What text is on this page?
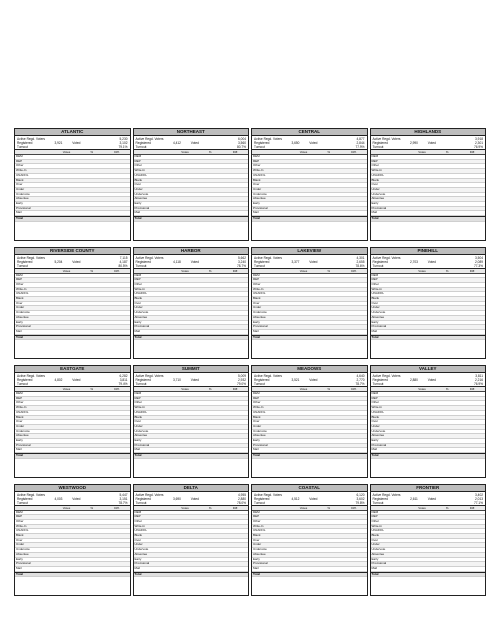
ATLANTIC
Active Regd. Voters	5,230
Registered	3,921	Voted	3,102
Turnout	79.1%
Votes	%	Diff.
DEM
REP
Other
Write-In
UNAFFIL
Blank
Over
Under
Undervote
Absentee
Early
Provisional
Mail
Total
NORTHEAST
Active Regd. Voters	6,004
Registered	4,412	Voted	3,560
Turnout	80.7%
Votes	%	Diff.
DEM
REP
Other
Write-In
UNAFFIL
Blank
Over
Under
Undervote
Absentee
Early
Provisional
Mail
Total
CENTRAL
Active Regd. Voters	4,877
Registered	3,650	Voted	2,844
Turnout	77.9%
Votes	%	Diff.
DEM
REP
Other
Write-In
UNAFFIL
Blank
Over
Under
Undervote
Absentee
Early
Provisional
Mail
Total
HIGHLANDS
Active Regd. Voters	3,918
Registered	2,990	Voted	2,301
Turnout	76.9%
Votes	%	Diff.
DEM
REP
Other
Write-In
UNAFFIL
Blank
Over
Under
Undervote
Absentee
Early
Provisional
Mail
Total
RIVERSIDE COUNTY
Active Regd. Voters	7,115
Registered	5,204	Voted	4,187
Turnout	80.5%
Votes	%	Diff.
DEM
REP
Other
Write-In
UNAFFIL
Blank
Over
Under
Undervote
Absentee
Early
Provisional
Mail
Total
HARBOR
Active Regd. Voters	5,662
Registered	4,118	Voted	3,240
Turnout	78.7%
Votes	%	Diff.
DEM
REP
Other
Write-In
UNAFFIL
Blank
Over
Under
Undervote
Absentee
Early
Provisional
Mail
Total
LAKEVIEW
Active Regd. Voters	4,301
Registered	3,377	Voted	2,655
Turnout	78.6%
Votes	%	Diff.
DEM
REP
Other
Write-In
UNAFFIL
Blank
Over
Under
Undervote
Absentee
Early
Provisional
Mail
Total
PINEHILL
Active Regd. Voters	3,504
Registered	2,703	Voted	2,089
Turnout	77.3%
Votes	%	Diff.
DEM
REP
Other
Write-In
UNAFFIL
Blank
Over
Under
Undervote
Absentee
Early
Provisional
Mail
Total
EASTGATE
Active Regd. Voters	6,282
Registered	4,802	Voted	3,811
Turnout	79.4%
Votes	%	Diff.
DEM
REP
Other
Write-In
UNAFFIL
Blank
Over
Under
Undervote
Absentee
Early
Provisional
Mail
Total
SUMMIT
Active Regd. Voters	5,009
Registered	3,710	Voted	2,932
Turnout	79.0%
Votes	%	Diff.
DEM
REP
Other
Write-In
UNAFFIL
Blank
Over
Under
Undervote
Absentee
Early
Provisional
Mail
Total
MEADOWS
Active Regd. Voters	4,640
Registered	3,521	Voted	2,770
Turnout	78.7%
Votes	%	Diff.
DEM
REP
Other
Write-In
UNAFFIL
Blank
Over
Under
Undervote
Absentee
Early
Provisional
Mail
Total
VALLEY
Active Regd. Voters	3,811
Registered	2,880	Voted	2,216
Turnout	76.9%
Votes	%	Diff.
DEM
REP
Other
Write-In
UNAFFIL
Blank
Over
Under
Undervote
Absentee
Early
Provisional
Mail
Total
WESTWOOD
Active Regd. Voters	5,447
Registered	4,003	Voted	3,151
Turnout	78.7%
Votes	%	Diff.
DEM
REP
Other
Write-In
UNAFFIL
Blank
Over
Under
Undervote
Absentee
Early
Provisional
Mail
Total
DELTA
Active Regd. Voters	4,955
Registered	3,690	Voted	2,880
Turnout	78.0%
Votes	%	Diff.
DEM
REP
Other
Write-In
UNAFFIL
Blank
Over
Under
Undervote
Absentee
Early
Provisional
Mail
Total
COASTAL
Active Regd. Voters	6,120
Registered	4,512	Voted	3,602
Turnout	79.8%
Votes	%	Diff.
DEM
REP
Other
Write-In
UNAFFIL
Blank
Over
Under
Undervote
Absentee
Early
Provisional
Mail
Total
FRONTIER
Active Regd. Voters	3,402
Registered	2,611	Voted	2,013
Turnout	77.1%
Votes	%	Diff.
DEM
REP
Other
Write-In
UNAFFIL
Blank
Over
Under
Undervote
Absentee
Early
Provisional
Mail
Total
